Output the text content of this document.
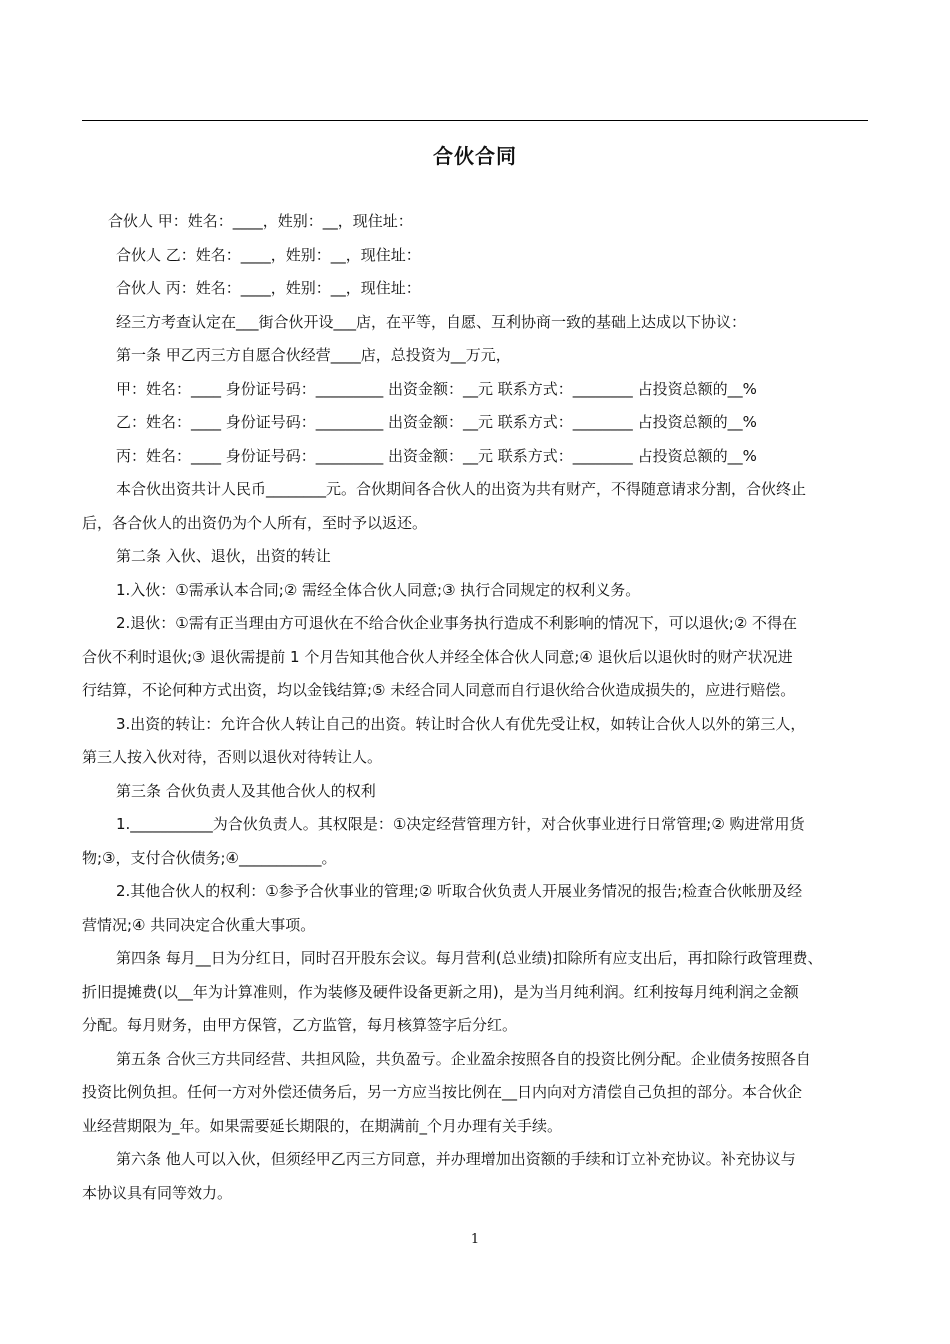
合伙合同

合伙人 甲：姓名：____，姓别：__，现住址：

合伙人 乙：姓名：____，姓别：__，现住址：

合伙人 丙：姓名：____，姓别：__，现住址：

经三方考查认定在___街合伙开设___店，在平等，自愿、互利协商一致的基础上达成以下协议：

第一条 甲乙丙三方自愿合伙经营____店，总投资为__万元，

甲：姓名：____ 身份证号码：_________ 出资金额：__元 联系方式：________ 占投资总额的__%

乙：姓名：____ 身份证号码：_________ 出资金额：__元 联系方式：________ 占投资总额的__%

丙：姓名：____ 身份证号码：_________ 出资金额：__元 联系方式：________ 占投资总额的__%

本合伙出资共计人民币________元。合伙期间各合伙人的出资为共有财产，不得随意请求分割，合伙终止

后，各合伙人的出资仍为个人所有，至时予以返还。

第二条 入伙、退伙，出资的转让

1.入伙：①需承认本合同;② 需经全体合伙人同意;③ 执行合同规定的权利义务。

2.退伙：①需有正当理由方可退伙在不给合伙企业事务执行造成不利影响的情况下，可以退伙;② 不得在

合伙不利时退伙;③ 退伙需提前 1 个月告知其他合伙人并经全体合伙人同意;④ 退伙后以退伙时的财产状况进

行结算，不论何种方式出资，均以金钱结算;⑤ 未经合同人同意而自行退伙给合伙造成损失的，应进行赔偿。

3.出资的转让：允许合伙人转让自己的出资。转让时合伙人有优先受让权，如转让合伙人以外的第三人，

第三人按入伙对待，否则以退伙对待转让人。

第三条 合伙负责人及其他合伙人的权利

1.___________为合伙负责人。其权限是：①决定经营管理方针，对合伙事业进行日常管理;② 购进常用货

物;③，支付合伙债务;④___________。

2.其他合伙人的权利：①参予合伙事业的管理;② 听取合伙负责人开展业务情况的报告;检查合伙帐册及经

营情况;④ 共同决定合伙重大事项。

第四条 每月__日为分红日，同时召开股东会议。每月营利(总业绩)扣除所有应支出后，再扣除行政管理费、

折旧提摊费(以__年为计算准则，作为装修及硬件设备更新之用)，是为当月纯利润。红利按每月纯利润之金额

分配。每月财务，由甲方保管，乙方监管，每月核算签字后分红。

第五条 合伙三方共同经营、共担风险，共负盈亏。企业盈余按照各自的投资比例分配。企业债务按照各自

投资比例负担。任何一方对外偿还债务后，另一方应当按比例在__日内向对方清偿自己负担的部分。本合伙企

业经营期限为_年。如果需要延长期限的，在期满前_个月办理有关手续。

第六条 他人可以入伙，但须经甲乙丙三方同意，并办理增加出资额的手续和订立补充协议。补充协议与

本协议具有同等效力。

1
